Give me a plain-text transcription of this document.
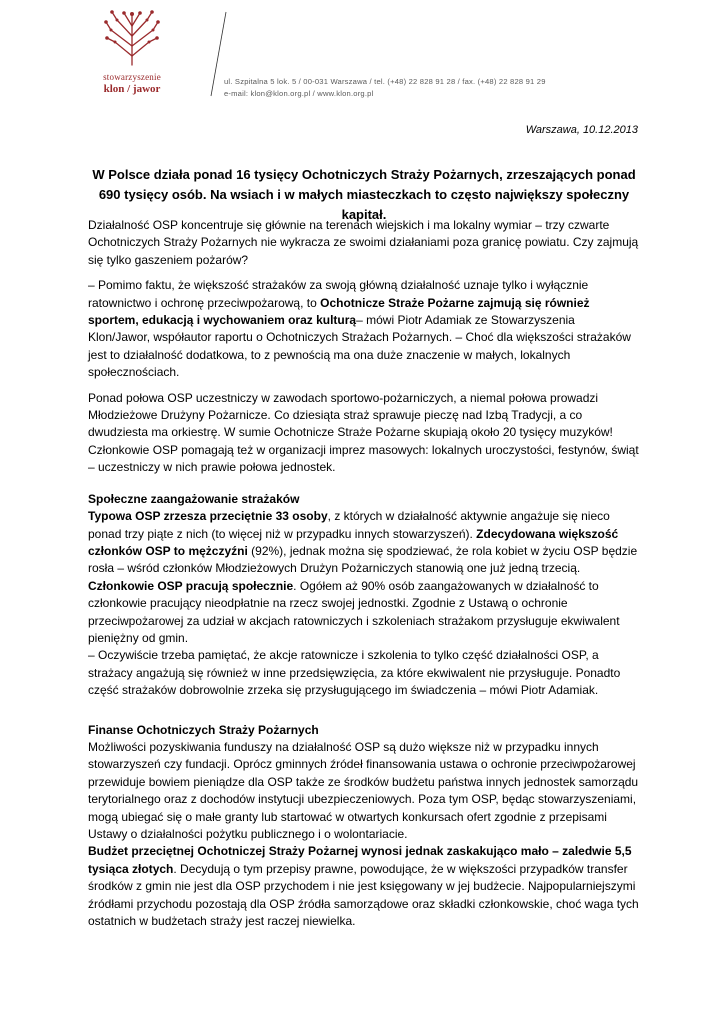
stowarzyszenie
klon / jawor
ul. Szpitalna 5 lok. 5 / 00-031 Warszawa / tel. (+48) 22 828 91 28 / fax. (+48) 22 828 91 29
e-mail: klon@klon.org.pl / www.klon.org.pl
Warszawa, 10.12.2013
W Polsce działa ponad 16 tysięcy Ochotniczych Straży Pożarnych, zrzeszających ponad 690 tysięcy osób. Na wsiach i w małych miasteczkach to często największy społeczny kapitał.

Działalność OSP koncentruje się głównie na terenach wiejskich i ma lokalny wymiar – trzy czwarte Ochotniczych Straży Pożarnych nie wykracza ze swoimi działaniami poza granicę powiatu. Czy zajmują się tylko gaszeniem pożarów?

– Pomimo faktu, że większość strażaków za swoją główną działalność uznaje tylko i wyłącznie ratownictwo i ochronę przeciwpożarową, to Ochotnicze Straże Pożarne zajmują się również sportem, edukacją i wychowaniem oraz kulturą– mówi Piotr Adamiak ze Stowarzyszenia Klon/Jawor, współautor raportu o Ochotniczych Strażach Pożarnych. – Choć dla większości strażaków jest to działalność dodatkowa, to z pewnością ma ona duże znaczenie w małych, lokalnych społecznościach.

Ponad połowa OSP uczestniczy w zawodach sportowo-pożarniczych, a niemal połowa prowadzi Młodzieżowe Drużyny Pożarnicze. Co dziesiąta straż sprawuje pieczę nad Izbą Tradycji, a co dwudziesta ma orkiestrę. W sumie Ochotnicze Straże Pożarne skupiają około 20 tysięcy muzyków! Członkowie OSP pomagają też w organizacji imprez masowych: lokalnych uroczystości, festynów, świąt – uczestniczy w nich prawie połowa jednostek.

Społeczne zaangażowanie strażaków
Typowa OSP zrzesza przeciętnie 33 osoby, z których w działalność aktywnie angażuje się nieco ponad trzy piąte z nich (to więcej niż w przypadku innych stowarzyszeń). Zdecydowana większość członków OSP to mężczyźni (92%), jednak można się spodziewać, że rola kobiet w życiu OSP będzie rosła – wśród członków Młodzieżowych Drużyn Pożarniczych stanowią one już jedną trzecią.
Członkowie OSP pracują społecznie. Ogółem aż 90% osób zaangażowanych w działalność to członkowie pracujący nieodpłatnie na rzecz swojej jednostki. Zgodnie z Ustawą o ochronie przeciwpożarowej za udział w akcjach ratowniczych i szkoleniach strażakom przysługuje ekwiwalent pieniężny od gmin.
– Oczywiście trzeba pamiętać, że akcje ratownicze i szkolenia to tylko część działalności OSP, a strażacy angażują się również w inne przedsięwzięcia, za które ekwiwalent nie przysługuje. Ponadto część strażaków dobrowolnie zrzeka się przysługującego im świadczenia – mówi Piotr Adamiak.
Finanse Ochotniczych Straży Pożarnych
Możliwości pozyskiwania funduszy na działalność OSP są dużo większe niż w przypadku innych stowarzyszeń czy fundacji. Oprócz gminnych źródeł finansowania ustawa o ochronie przeciwpożarowej przewiduje bowiem pieniądze dla OSP także ze środków budżetu państwa innych jednostek samorządu terytorialnego oraz z dochodów instytucji ubezpieczeniowych. Poza tym OSP, będąc stowarzyszeniami, mogą ubiegać się o małe granty lub startować w otwartych konkursach ofert zgodnie z przepisami Ustawy o działalności pożytku publicznego i o wolontariacie.
Budżet przeciętnej Ochotniczej Straży Pożarnej wynosi jednak zaskakująco mało – zaledwie 5,5 tysiąca złotych. Decydują o tym przepisy prawne, powodujące, że w większości przypadków transfer środków z gmin nie jest dla OSP przychodem i nie jest księgowany w jej budżecie. Najpopularniejszymi źródłami przychodu pozostają dla OSP źródła samorządowe oraz składki członkowskie, choć waga tych ostatnich w budżetach straży jest raczej niewielka.
